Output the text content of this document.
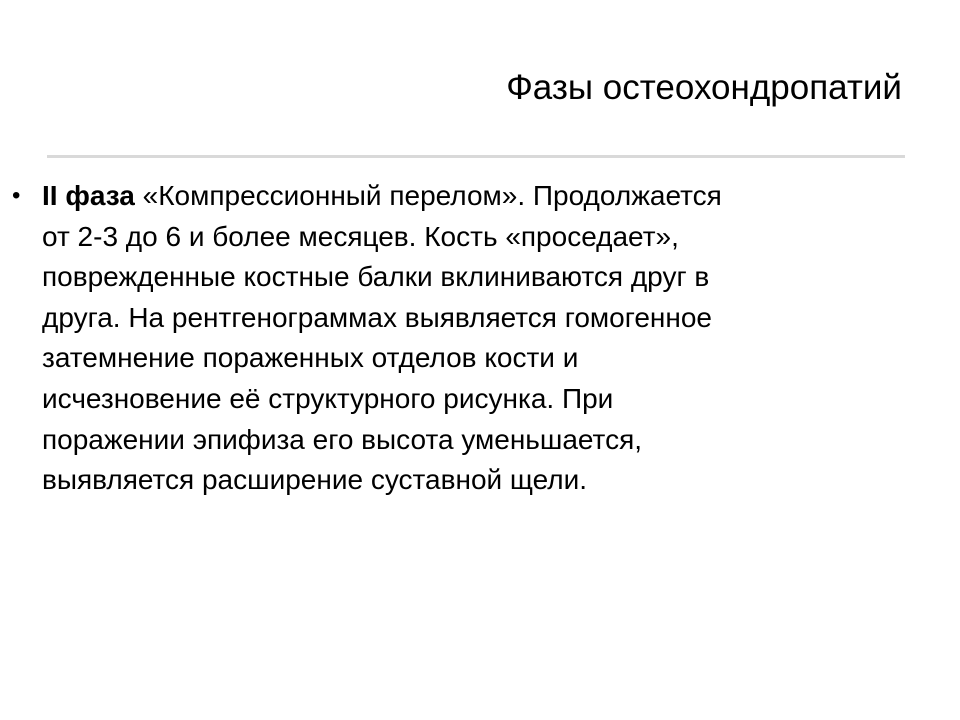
Фазы остеохондропатий
• II фаза «Компрессионный перелом». Продолжается
от 2-3 до 6 и более месяцев. Кость «проседает»,
поврежденные костные балки вклиниваются друг в
друга. На рентгенограммах выявляется гомогенное
затемнение пораженных отделов кости и
исчезновение её структурного рисунка. При
поражении эпифиза его высота уменьшается,
выявляется расширение суставной щели.
